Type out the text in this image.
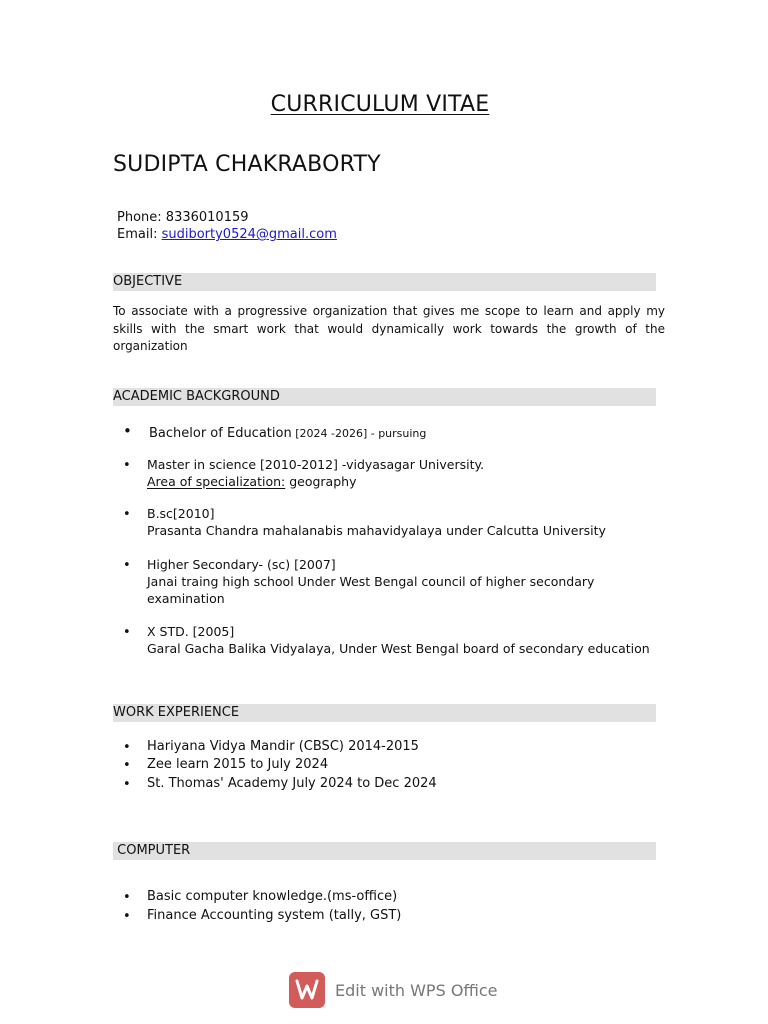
CURRICULUM VITAE
SUDIPTA CHAKRABORTY
Phone: 8336010159
Email: sudiborty0524@gmail.com
OBJECTIVE
To associate with a progressive organization that gives me scope to learn and apply my skills with the smart work that would dynamically work towards the growth of the organization
ACADEMIC BACKGROUND
• Bachelor of Education [2024 -2026] - pursuing
• Master in science [2010-2012] -vidyasagar University.
Area of specialization: geography
• B.sc[2010]
Prasanta Chandra mahalanabis mahavidyalaya under Calcutta University
• Higher Secondary- (sc) [2007]
Janai traing high school Under West Bengal council of higher secondary
examination
• X STD. [2005]
Garal Gacha Balika Vidyalaya, Under West Bengal board of secondary education
WORK EXPERIENCE
• Hariyana Vidya Mandir (CBSC) 2014-2015
• Zee learn 2015 to July 2024
• St. Thomas' Academy July 2024 to Dec 2024
COMPUTER
• Basic computer knowledge.(ms-office)
• Finance Accounting system (tally, GST)
Edit with WPS Office
